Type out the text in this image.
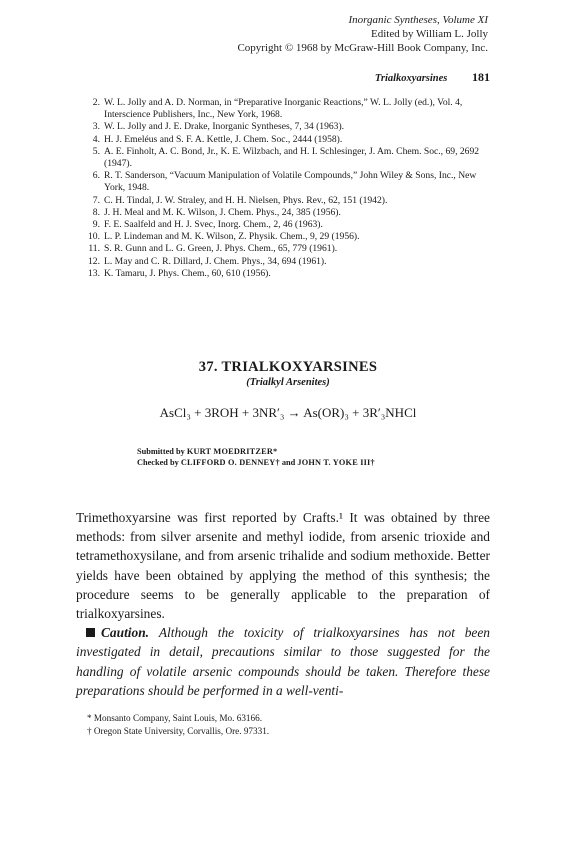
Inorganic Syntheses, Volume XI
Edited by William L. Jolly
Copyright © 1968 by McGraw-Hill Book Company, Inc.
Trialkoxyarsines 181
2. W. L. Jolly and A. D. Norman, in “Preparative Inorganic Reactions,” W. L. Jolly (ed.), Vol. 4, Interscience Publishers, Inc., New York, 1968.
3. W. L. Jolly and J. E. Drake, Inorganic Syntheses, 7, 34 (1963).
4. H. J. Emeléus and S. F. A. Kettle, J. Chem. Soc., 2444 (1958).
5. A. E. Finholt, A. C. Bond, Jr., K. E. Wilzbach, and H. I. Schlesinger, J. Am. Chem. Soc., 69, 2692 (1947).
6. R. T. Sanderson, “Vacuum Manipulation of Volatile Compounds,” John Wiley & Sons, Inc., New York, 1948.
7. C. H. Tindal, J. W. Straley, and H. H. Nielsen, Phys. Rev., 62, 151 (1942).
8. J. H. Meal and M. K. Wilson, J. Chem. Phys., 24, 385 (1956).
9. F. E. Saalfeld and H. J. Svec, Inorg. Chem., 2, 46 (1963).
10. L. P. Lindeman and M. K. Wilson, Z. Physik. Chem., 9, 29 (1956).
11. S. R. Gunn and L. G. Green, J. Phys. Chem., 65, 779 (1961).
12. L. May and C. R. Dillard, J. Chem. Phys., 34, 694 (1961).
13. K. Tamaru, J. Phys. Chem., 60, 610 (1956).
37. TRIALKOXYARSINES
(Trialkyl Arsenites)
AsCl₃ + 3ROH + 3NR′₃ → As(OR)₃ + 3R′₃NHCl
Submitted by KURT MOEDRITZER*
Checked by CLIFFORD O. DENNEY† and JOHN T. YOKE III†

Trimethoxyarsine was first reported by Crafts.¹ It was obtained by three methods: from silver arsenite and methyl iodide, from arsenic trioxide and tetramethoxysilane, and from arsenic trihalide and sodium methoxide. Better yields have been obtained by applying the method of this synthesis; the procedure seems to be generally applicable to the preparation of trialkoxyarsines.

Caution. Although the toxicity of trialkoxyarsines has not been investigated in detail, precautions similar to those suggested for the handling of volatile arsenic compounds should be taken. Therefore these preparations should be performed in a well-venti-

* Monsanto Company, Saint Louis, Mo. 63166.
† Oregon State University, Corvallis, Ore. 97331.
